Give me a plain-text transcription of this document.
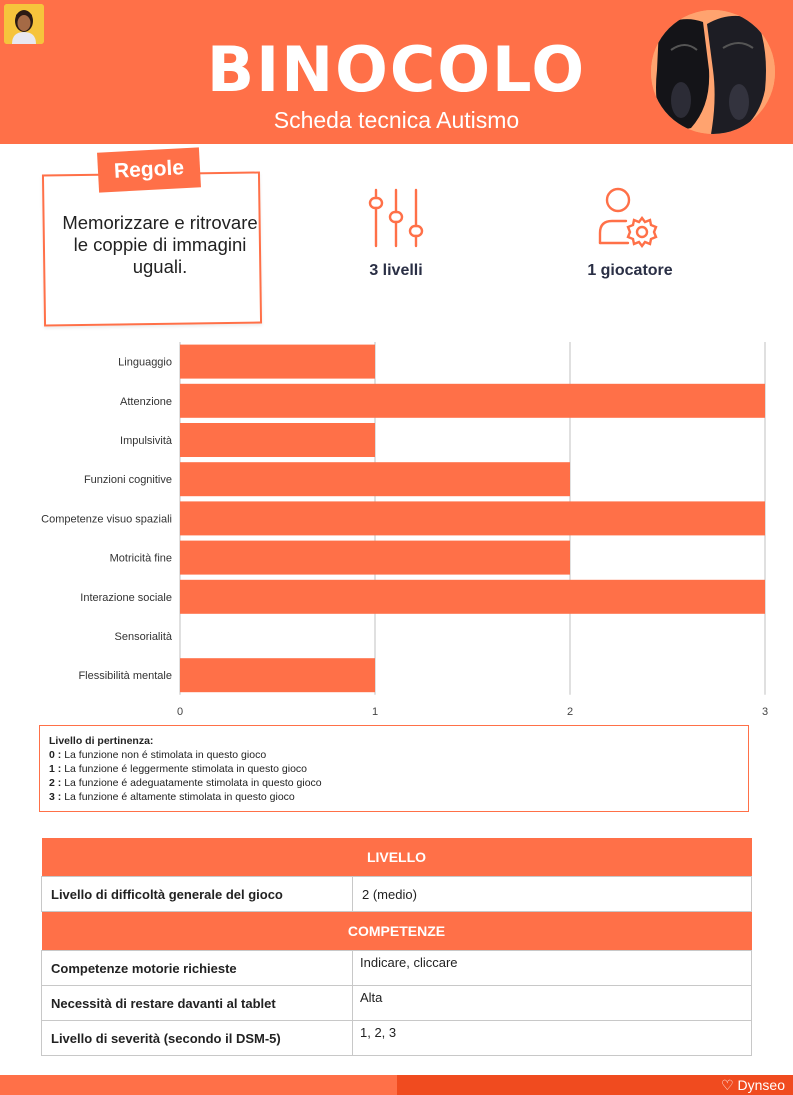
BINOCOLO
Scheda tecnica Autismo
Memorizzare e ritrovare le coppie di immagini uguali.
Regole
3 livelli	1 giocatore
0	1	2	3
Linguaggio
Attenzione
Impulsività
Funzioni cognitive
Competenze visuo spaziali
Motricità fine
Interazione sociale
Sensorialità
Flessibilità mentale
Livello di pertinenza:
0 : La funzione non é stimolata in questo gioco
1 : La funzione é leggermente stimolata in questo gioco
2 : La funzione é adeguatamente stimolata in questo gioco
3 : La funzione é altamente stimolata in questo gioco
LIVELLO	
Livello di difficoltà generale del gioco	2 (medio)
COMPETENZE	
Competenze motorie richieste	Indicare, cliccare
Necessità di restare davanti al tablet	Alta
Livello di severità (secondo il DSM-5)	1, 2, 3
♡ Dynseo
